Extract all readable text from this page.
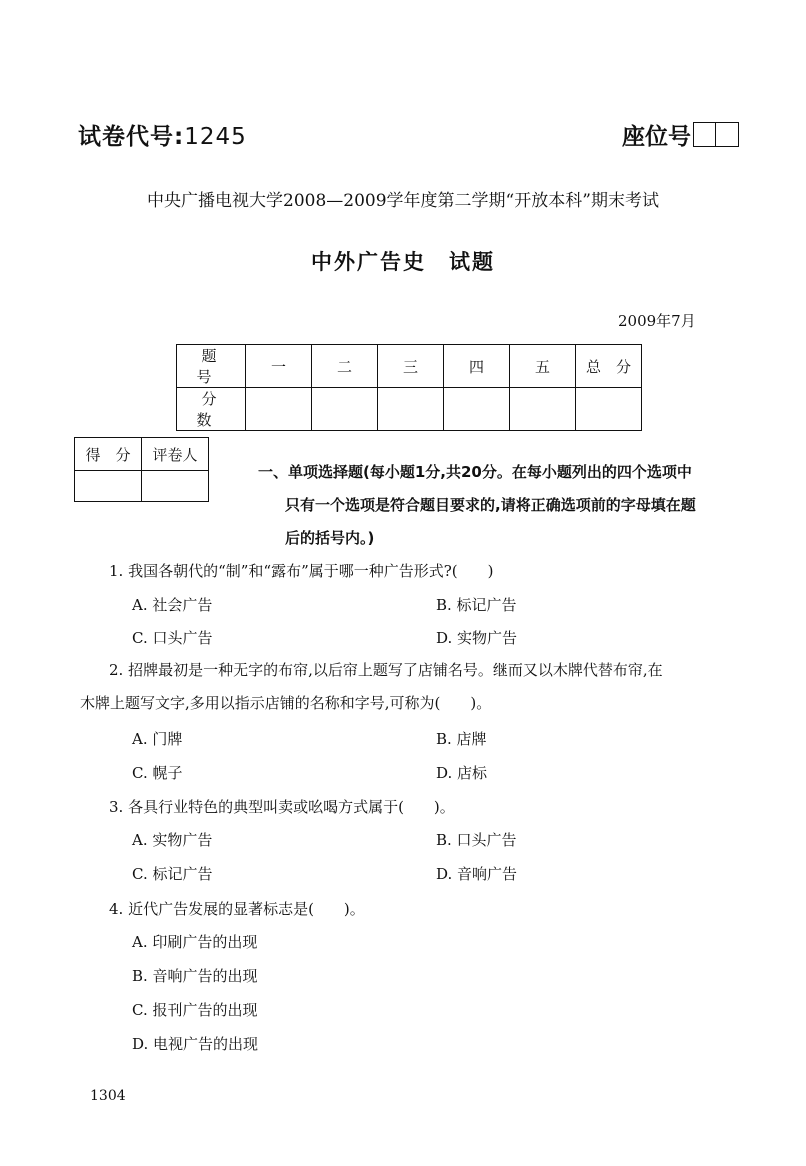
试卷代号:1245	座位号
中央广播电视大学2008—2009学年度第二学期“开放本科”期末考试
中外广告史　试题
2009年7月
题　号	一	二	三	四	五	总　分
分　数						
得　分	评卷人

一、单项选择题(每小题1分,共20分。在每小题列出的四个选项中
只有一个选项是符合题目要求的,请将正确选项前的字母填在题
后的括号内。)
1. 我国各朝代的“制”和“露布”属于哪一种广告形式?(　　)
A. 社会广告	B. 标记广告
C. 口头广告	D. 实物广告
2. 招牌最初是一种无字的布帘,以后帘上题写了店铺名号。继而又以木牌代替布帘,在
木牌上题写文字,多用以指示店铺的名称和字号,可称为(　　)。
A. 门牌	B. 店牌
C. 幌子	D. 店标
3. 各具行业特色的典型叫卖或吆喝方式属于(　　)。
A. 实物广告	B. 口头广告
C. 标记广告	D. 音响广告
4. 近代广告发展的显著标志是(　　)。
A. 印刷广告的出现
B. 音响广告的出现
C. 报刊广告的出现
D. 电视广告的出现
1304
